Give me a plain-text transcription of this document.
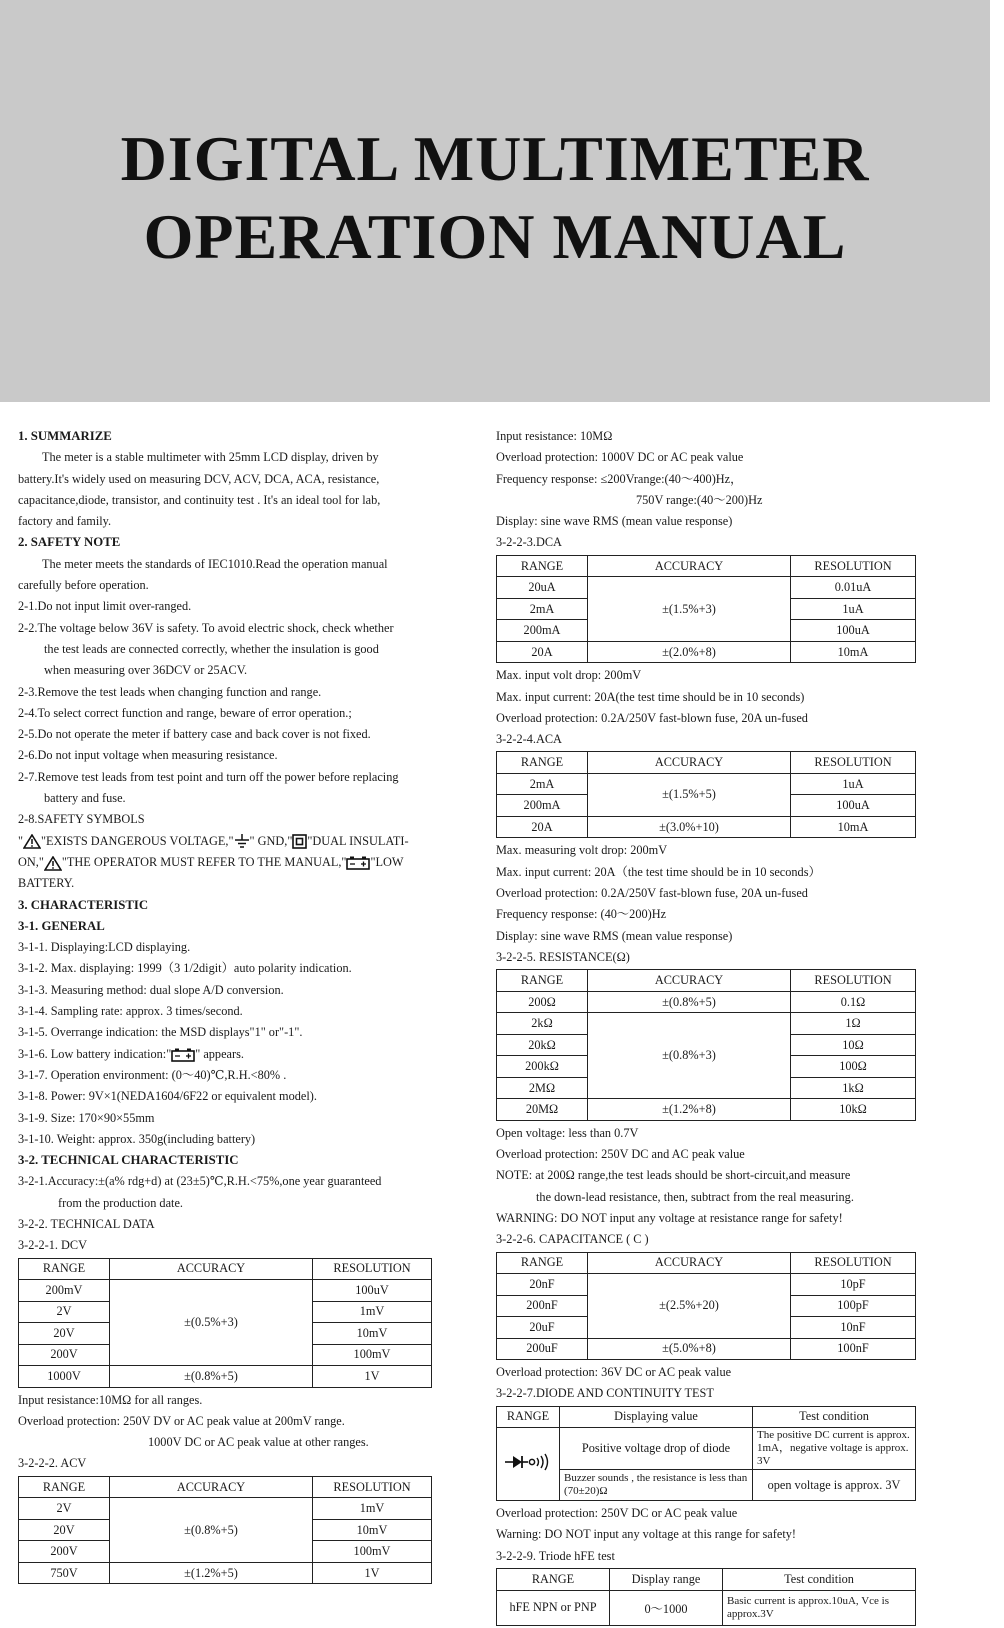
DIGITAL MULTIMETER
OPERATION MANUAL
1. SUMMARIZE
The meter is a stable multimeter with 25mm LCD display, driven by
battery.It's widely used on measuring DCV, ACV, DCA, ACA, resistance,
capacitance,diode, transistor, and continuity test . It's an ideal tool for lab,
factory and family.
2. SAFETY NOTE
The meter meets the standards of IEC1010.Read the operation manual
carefully before operation.
2-1.Do not input limit over-ranged.
2-2.The voltage below 36V is safety. To avoid electric shock, check whether
the test leads are connected correctly, whether the insulation is good
when measuring over 36DCV or 25ACV.
2-3.Remove the test leads when changing function and range.
2-4.To select correct function and range, beware of error operation.;
2-5.Do not operate the meter if battery case and back cover is not fixed.
2-6.Do not input voltage when measuring resistance.
2-7.Remove test leads from test point and turn off the power before replacing
battery and fuse.
2-8.SAFETY SYMBOLS
" "EXISTS DANGEROUS VOLTAGE," " GND," "DUAL INSULATI-
ON," "THE OPERATOR MUST REFER TO THE MANUAL," "LOW
BATTERY.
3. CHARACTERISTIC
3-1. GENERAL
3-1-1. Displaying:LCD displaying.
3-1-2. Max. displaying: 1999（3 1/2digit）auto polarity indication.
3-1-3. Measuring method: dual slope A/D conversion.
3-1-4. Sampling rate: approx. 3 times/second.
3-1-5. Overrange indication: the MSD displays"1" or"-1".
3-1-6. Low battery indication:" " appears.
3-1-7. Operation environment: (0～40)℃,R.H.<80% .
3-1-8. Power: 9V×1(NEDA1604/6F22 or equivalent model).
3-1-9. Size: 170×90×55mm
3-1-10. Weight: approx. 350g(including battery)
3-2. TECHNICAL CHARACTERISTIC
3-2-1.Accuracy:±(a% rdg+d) at (23±5)℃,R.H.<75%,one year guaranteed
from the production date.
3-2-2. TECHNICAL DATA
3-2-2-1. DCV
RANGE	ACCURACY	RESOLUTION
200mV	±(0.5%+3)	100uV
2V		1mV
20V		10mV
200V		100mV
1000V	±(0.8%+5)	1V
Input resistance:10MΩ for all ranges.
Overload protection: 250V DV or AC peak value at 200mV range.
1000V DC or AC peak value at other ranges.
3-2-2-2. ACV
RANGE	ACCURACY	RESOLUTION
2V	±(0.8%+5)	1mV
20V		10mV
200V		100mV
750V	±(1.2%+5)	1V
Input resistance: 10MΩ
Overload protection: 1000V DC or AC peak value
Frequency response: ≤200Vrange:(40～400)Hz，
750V range:(40～200)Hz
Display: sine wave RMS (mean value response)
3-2-2-3.DCA
RANGE	ACCURACY	RESOLUTION
20uA	±(1.5%+3)	0.01uA
2mA		1uA
200mA		100uA
20A	±(2.0%+8)	10mA
Max. input volt drop: 200mV
Max. input current: 20A(the test time should be in 10 seconds)
Overload protection: 0.2A/250V fast-blown fuse, 20A un-fused
3-2-2-4.ACA
RANGE	ACCURACY	RESOLUTION
2mA	±(1.5%+5)	1uA
200mA		100uA
20A	±(3.0%+10)	10mA
Max. measuring volt drop: 200mV
Max. input current: 20A（the test time should be in 10 seconds）
Overload protection: 0.2A/250V fast-blown fuse, 20A un-fused
Frequency response: (40～200)Hz
Display: sine wave RMS (mean value response)
3-2-2-5. RESISTANCE(Ω)
RANGE	ACCURACY	RESOLUTION
200Ω	±(0.8%+5)	0.1Ω
2kΩ	±(0.8%+3)	1Ω
20kΩ		10Ω
200kΩ		100Ω
2MΩ		1kΩ
20MΩ	±(1.2%+8)	10kΩ
Open voltage: less than 0.7V
Overload protection: 250V DC and AC peak value
NOTE: at 200Ω range,the test leads should be short-circuit,and measure
the down-lead resistance, then, subtract from the real measuring.
WARNING: DO NOT input any voltage at resistance range for safety!
3-2-2-6. CAPACITANCE ( C )
RANGE	ACCURACY	RESOLUTION
20nF	±(2.5%+20)	10pF
200nF		100pF
20uF		10nF
200uF	±(5.0%+8)	100nF
Overload protection: 36V DC or AC peak value
3-2-2-7.DIODE AND CONTINUITY TEST
RANGE	Displaying value	Test condition
	Positive voltage drop of diode	The positive DC current is approx. 1mA，negative voltage is approx. 3V
	Buzzer sounds , the resistance is less than (70±20)Ω	open voltage is approx. 3V
Overload protection: 250V DC or AC peak value
Warning: DO NOT input any voltage at this range for safety!
3-2-2-9. Triode hFE test
RANGE	Display range	Test condition
hFE NPN or PNP	0～1000	Basic current is approx.10uA, Vce is approx.3V
